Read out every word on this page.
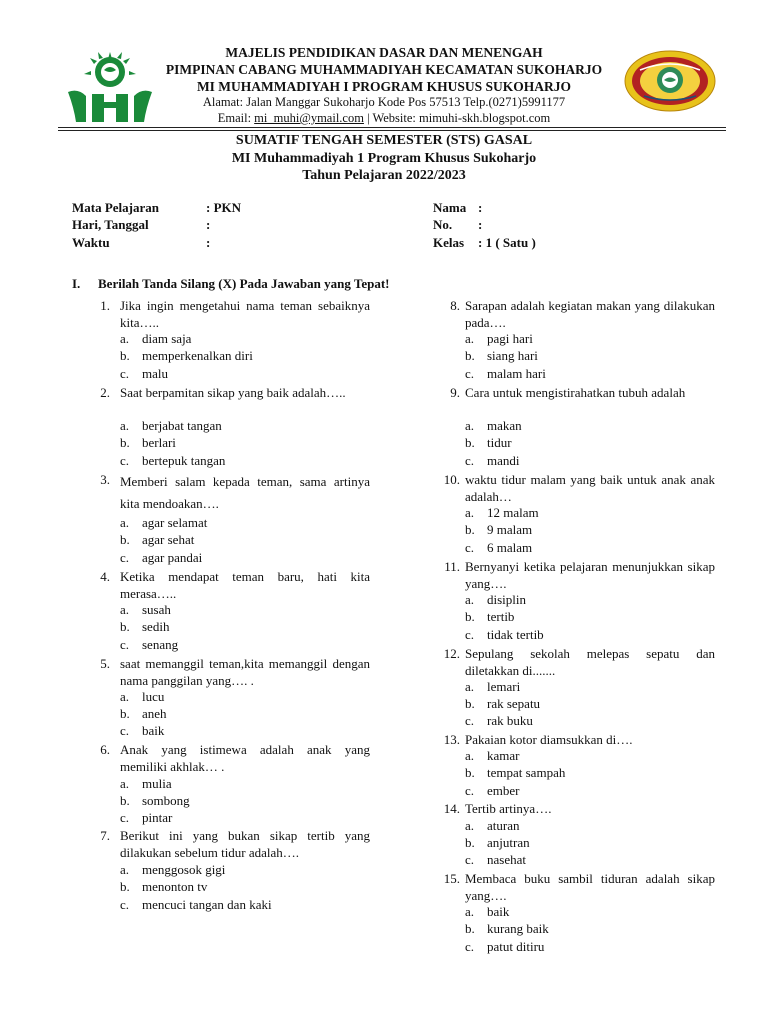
MAJELIS PENDIDIKAN DASAR DAN MENENGAH
PIMPINAN CABANG MUHAMMADIYAH KECAMATAN SUKOHARJO
MI MUHAMMADIYAH I PROGRAM KHUSUS SUKOHARJO
Alamat: Jalan Manggar Sukoharjo Kode Pos 57513 Telp.(0271)5991177
Email: mi_muhi@ymail.com | Website: mimuhi-skh.blogspot.com
SUMATIF TENGAH SEMESTER (STS) GASAL
MI Muhammadiyah 1 Program Khusus Sukoharjo
Tahun Pelajaran 2022/2023
Mata Pelajaran	: PKN
Hari, Tanggal	:
Waktu	:
Nama :
No. :
Kelas : 1 ( Satu )
I. Berilah Tanda Silang (X) Pada Jawaban yang Tepat!
1. Jika ingin mengetahui nama teman sebaiknya kita…..
a. diam saja
b. memperkenalkan diri
c. malu
2. Saat berpamitan sikap yang baik adalah…..
a. berjabat tangan
b. berlari
c. bertepuk tangan
3. Memberi salam kepada teman, sama artinya kita mendoakan….
a. agar selamat
b. agar sehat
c. agar pandai
4. Ketika mendapat teman baru, hati kita merasa…..
a. susah
b. sedih
c. senang
5. saat memanggil teman,kita memanggil dengan nama panggilan yang…. .
a. lucu
b. aneh
c. baik
6. Anak yang istimewa adalah anak yang memiliki akhlak… .
a. mulia
b. sombong
c. pintar
7. Berikut ini yang bukan sikap tertib yang dilakukan sebelum tidur adalah….
a. menggosok gigi
b. menonton tv
c. mencuci tangan dan kaki
8. Sarapan adalah kegiatan makan yang dilakukan pada….
a. pagi hari
b. siang hari
c. malam hari
9. Cara untuk mengistirahatkan tubuh adalah
a. makan
b. tidur
c. mandi
10. waktu tidur malam yang baik untuk anak anak adalah…
a. 12 malam
b. 9 malam
c. 6 malam
11. Bernyanyi ketika pelajaran menunjukkan sikap yang….
a. disiplin
b. tertib
c. tidak tertib
12. Sepulang sekolah melepas sepatu dan diletakkan di.......
a. lemari
b. rak sepatu
c. rak buku
13. Pakaian kotor diamsukkan di….
a. kamar
b. tempat sampah
c. ember
14. Tertib artinya….
a. aturan
b. anjutran
c. nasehat
15. Membaca buku sambil tiduran adalah sikap yang….
a. baik
b. kurang baik
c. patut ditiru
